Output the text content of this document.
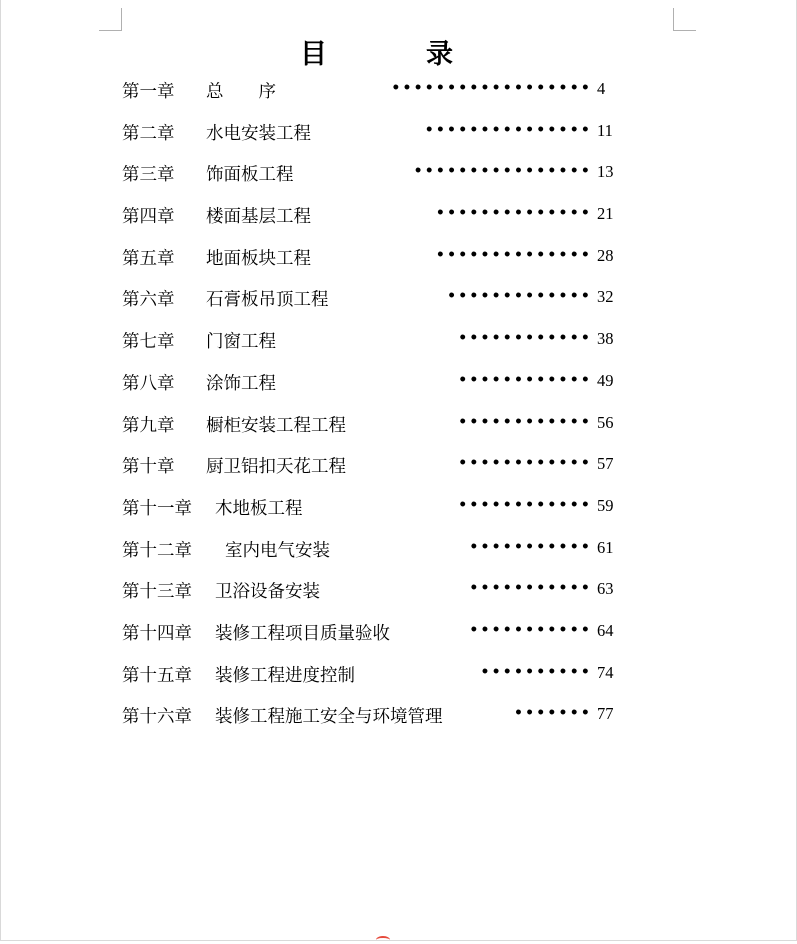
目　录
第一章 总　　序	•••••••••••••••••• 4
第二章 水电安装工程	••••••••••••••• 11
第三章 饰面板工程	•••••••••••••••• 13
第四章 楼面基层工程	•••••••••••••• 21
第五章 地面板块工程	•••••••••••••• 28
第六章 石膏板吊顶工程	••••••••••••• 32
第七章 门窗工程	•••••••••••• 38
第八章 涂饰工程	•••••••••••• 49
第九章 橱柜安装工程工程	•••••••••••• 56
第十章 厨卫铝扣天花工程	•••••••••••• 57
第十一章 木地板工程	•••••••••••• 59
第十二章 室内电气安装	••••••••••• 61
第十三章 卫浴设备安装	••••••••••• 63
第十四章 装修工程项目质量验收	••••••••••• 64
第十五章 装修工程进度控制	•••••••••• 74
第十六章 装修工程施工安全与环境管理	••••••• 77
